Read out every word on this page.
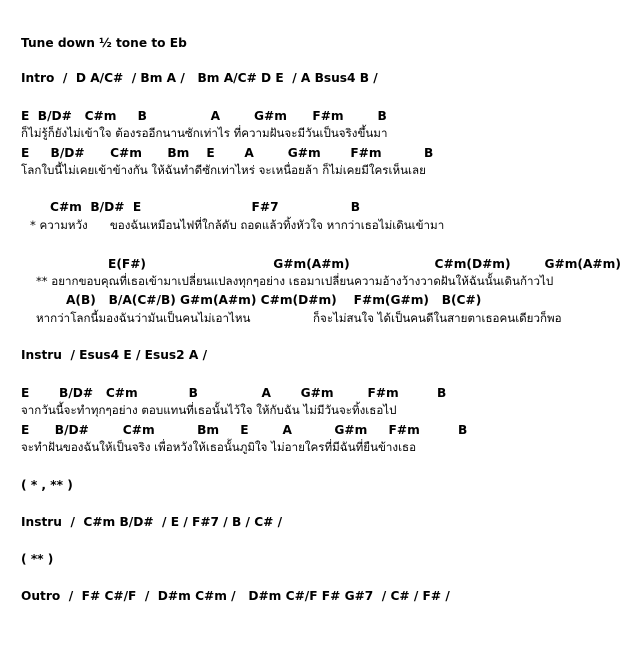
Tune down ½ tone to Eb
Intro  /  D A/C#  / Bm A /   Bm A/C# D E  / A Bsus4 B /
E  B/D#   C#m     B               A        G#m      F#m        B
ก็ไม่รู้ก็ยังไม่เข้าใจ ต้องรออีกนานซักเท่าไร ที่ความฝันจะมีวันเป็นจริงขึ้นมา
E     B/D#      C#m      Bm    E       A        G#m       F#m          B
โลกใบนี้ไม่เคยเข้าข้างกัน ให้ฉันทำดีซักเท่าไหร่ จะเหนื่อยล้า ก็ไม่เคยมีใครเห็นเลย
C#m  B/D#  E                          F#7                 B
* ความหวัง      ของฉันเหมือนไฟที่ใกล้ดับ ถอดแล้วทิ้งหัวใจ หากว่าเธอไม่เดินเข้ามา
E(F#)                              G#m(A#m)                    C#m(D#m)        G#m(A#m)
** อยากขอบคุณที่เธอเข้ามาเปลี่ยนแปลงทุกๆอย่าง เธอมาเปลี่ยนความอ้างว้างวาดฝันให้ฉันนั้นเดินก้าวไป
A(B)   B/A(C#/B) G#m(A#m) C#m(D#m)    F#m(G#m)   B(C#)
หากว่าโลกนี้มองฉันว่ามันเป็นคนไม่เอาไหน                 ก็จะไม่สนใจ ได้เป็นคนดีในสายตาเธอคนเดียวก็พอ
Instru  / Esus4 E / Esus2 A /
E       B/D#   C#m            B               A       G#m        F#m         B
จากวันนี้จะทำทุกๆอย่าง ตอบแทนที่เธอนั้นไว้ใจ ให้กับฉัน ไม่มีวันจะทิ้งเธอไป
E      B/D#        C#m          Bm     E        A          G#m     F#m         B
จะทำฝันของฉันให้เป็นจริง เพื่อหวังให้เธอนั้นภูมิใจ ไม่อายใครที่มีฉันที่ยืนข้างเธอ
( * , ** )
Instru  /  C#m B/D#  / E / F#7 / B / C# /
( ** )
Outro  /  F# C#/F  /  D#m C#m /   D#m C#/F F# G#7  / C# / F# /
